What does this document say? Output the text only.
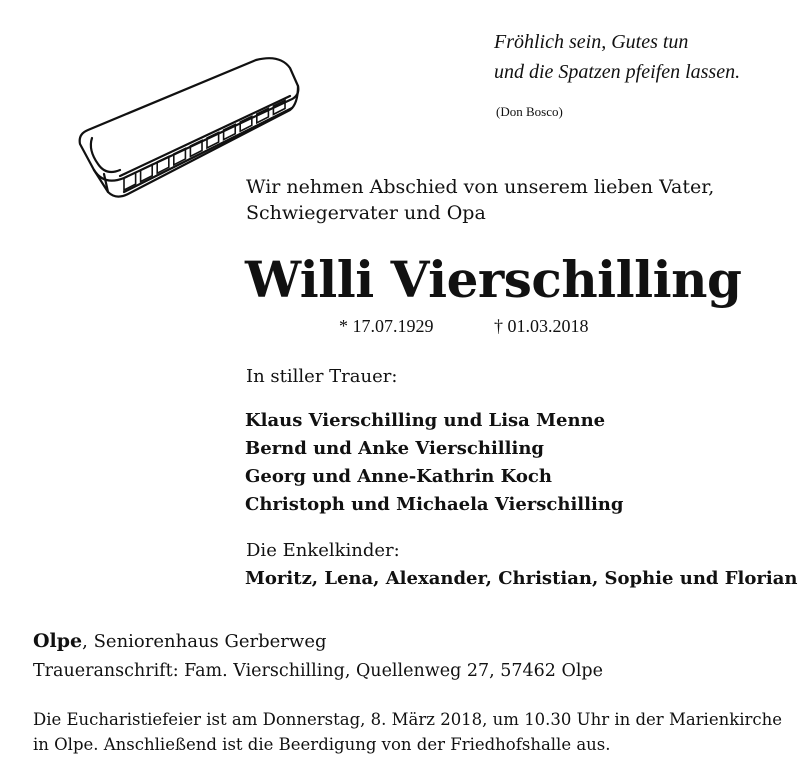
Fröhlich sein, Gutes tun
und die Spatzen pfeifen lassen.
(Don Bosco)
Wir nehmen Abschied von unserem lieben Vater,
Schwiegervater und Opa
Willi Vierschilling
* 17.07.1929	† 01.03.2018
In stiller Trauer:
Klaus Vierschilling und Lisa Menne
Bernd und Anke Vierschilling
Georg und Anne-Kathrin Koch
Christoph und Michaela Vierschilling
Die Enkelkinder:
Moritz, Lena, Alexander, Christian, Sophie und Florian
Olpe, Seniorenhaus Gerberweg
Traueranschrift: Fam. Vierschilling, Quellenweg 27, 57462 Olpe
Die Eucharistiefeier ist am Donnerstag, 8. März 2018, um 10.30 Uhr in der Marienkirche
in Olpe. Anschließend ist die Beerdigung von der Friedhofshalle aus.
